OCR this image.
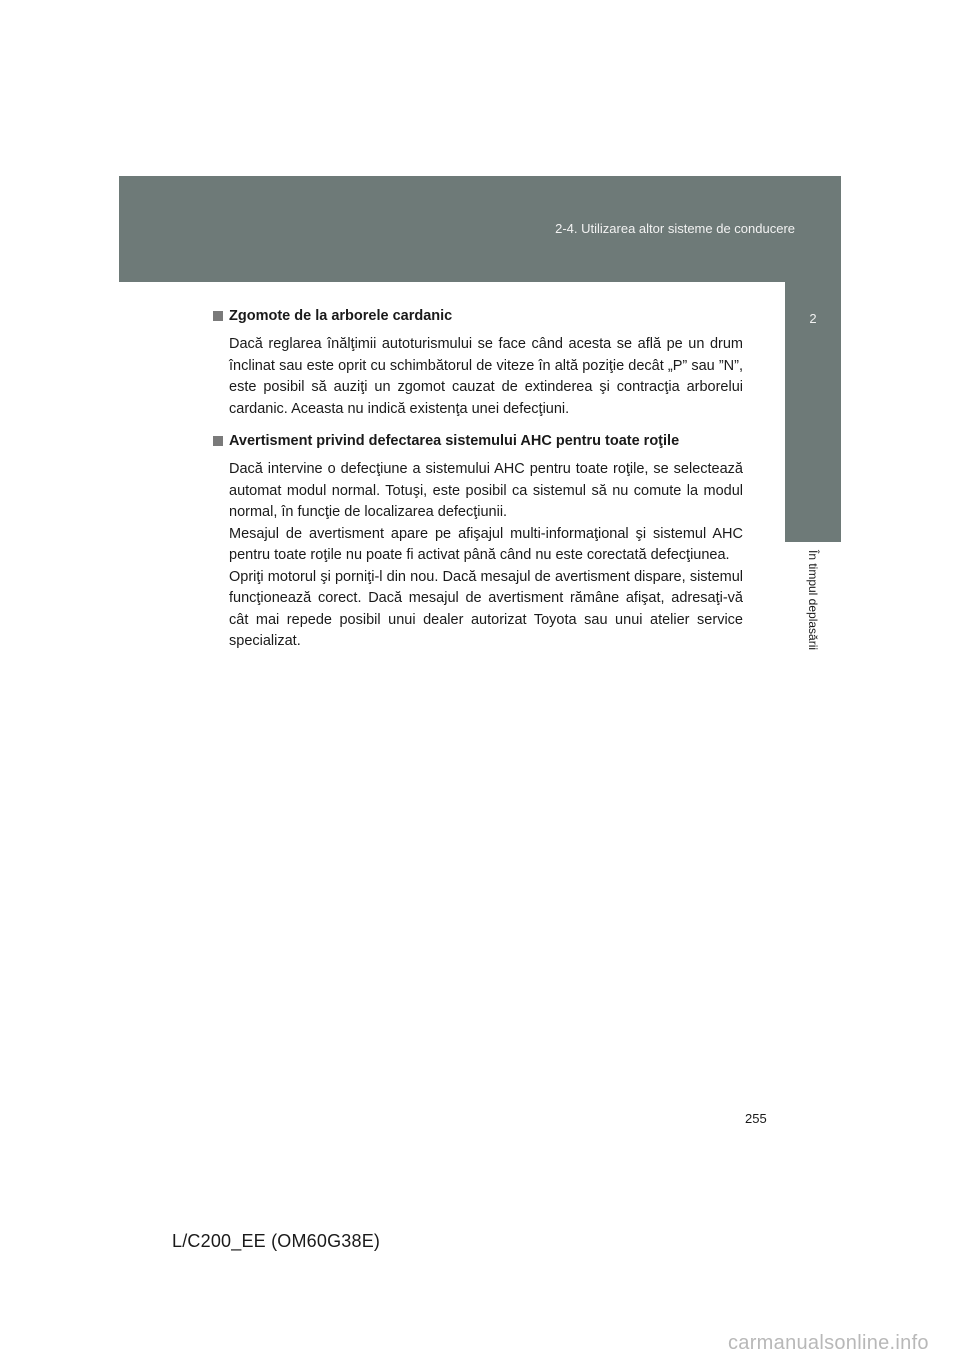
2-4. Utilizarea altor sisteme de conducere
2
În timpul deplasării
Zgomote de la arborele cardanic

Dacă reglarea înălţimii autoturismului se face când acesta se află pe un drum înclinat sau este oprit cu schimbătorul de viteze în altă poziţie decât „P” sau ”N”, este posibil să auziţi un zgomot cauzat de extinderea şi contracţia arborelui cardanic. Aceasta nu indică existenţa unei defecţiuni.

Avertisment privind defectarea sistemului AHC pentru toate roţile

Dacă intervine o defecţiune a sistemului AHC pentru toate roţile, se selectează automat modul normal. Totuşi, este posibil ca sistemul să nu comute la modul normal, în funcţie de localizarea defecţiunii.

Mesajul de avertisment apare pe afişajul multi-informaţional şi sistemul AHC pentru toate roţile nu poate fi activat până când nu este corectată defecţiunea.

Opriţi motorul şi porniţi-l din nou. Dacă mesajul de avertisment dispare, sistemul funcţionează corect. Dacă mesajul de avertisment rămâne afişat, adresaţi-vă cât mai repede posibil unui dealer autorizat Toyota sau unui atelier service specializat.

255
L/C200_EE (OM60G38E)
carmanualsonline.info
